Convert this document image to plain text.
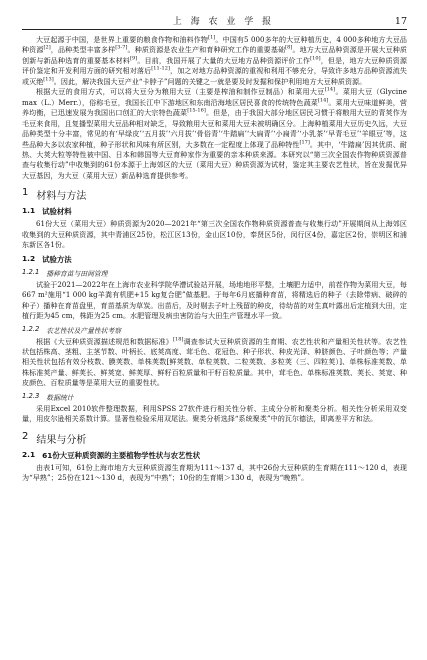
上 海 农 业 学 报	17

大豆起源于中国，是世界上重要的粮食作物和油料作物[1]。中国有5 000多年的大豆种植历史，4 000多种地方大豆品种资源[2]，品种类型丰富多样[3-7]。种质资源是农业生产和育种研究工作的重要基础[8]。地方大豆品种资源是开展大豆种质创新与新品种选育的重要基本材料[9]。目前，我国开展了大量的大豆地方品种资源评价工作[10]，但是，地方大豆种质资源评价鉴定和开发利用方面的研究相对落后[11-12]，加之对地方品种资源的重视和利用不够充分，导致许多地方品种资源流失或灭绝[13]。因此，解决我国大豆产业“卡脖子”问题的关键之一就是要及时发掘和保护利用地方大豆种质资源。

根据大豆的食用方式，可以将大豆分为粮用大豆（主要是榨油和制作豆制品）和菜用大豆[14]。菜用大豆（Glycine max（L.）Merr.），俗称毛豆，我国长江中下游地区和东南沿海地区居民喜食的传统特色蔬菜[14]。菜用大豆味道鲜美，营养均衡，已迅速发展为我国出口创汇的大宗特色蔬菜[15-16]。但是，由于我国大部分地区居民习惯于将粮用大豆的青荚作为毛豆来食用，且复播型菜用大豆品种相对缺乏，导致粮用大豆和菜用大豆未被明确区分。上海种植菜用大豆历史久远，大豆品种类型十分丰富，常见的有‘早绿皮’‘五月拔’‘六月拔’‘骨俗青’‘牛踏扁’‘大扁青’‘小扁青’‘小乳茶’‘早青毛豆’‘羊眼豆’等，这些品种大多以农家种植，种子形状和风味有所区别，大多数在一定程度上体现了品种特性[17]。其中，‘牛踏扁’因其优质、耐热、大荚大粒等特性被中国、日本和韩国等大豆育种家作为重要的亲本种质来源。本研究以“第三次全国农作物种质资源普查与收集行动”中收集到的61份本源于上海郊区的大豆（菜用大豆）种质资源为试材，鉴定其主要农艺性状，旨在发掘优异大豆基因，为大豆（菜用大豆）新品种选育提供参考。

1 材料与方法
1.1 试验材料

61份大豆（菜用大豆）种质资源为2020—2021年“第三次全国农作物种质资源普查与收集行动”开展期间从上海郊区收集到的大豆种质资源，其中青浦区25份，松江区13份，金山区10份，奉贤区5份，闵行区4份，嘉定区2份，崇明区和浦东新区各1份。

1.2 试验方法
1.2.1 播种育苗与田间管理

试验于2021—2022年在上海市农业科学院华漕试验站开展，场地地形平整，土壤肥力适中，前茬作物为菜用大豆，每667 m²施用“1 000 kg羊粪有机肥+15 kg复合肥”做基肥。于每年6月底播种育苗，将精选后的种子（去除带病、破碎的种子）播种在育苗盘里，育苗基质为草炭。出苗后，及时剔去子叶上残留的种皮，待幼苗的对生真叶露出后定植到大田，定植行距为45 cm，株距为25 cm。水肥管理及病虫害防治与大田生产管理水平一致。

1.2.2 农艺性状及产量性状考察

根据《大豆种质资源描述规范和数据标准》[18]调查参试大豆种质资源的生育期、农艺性状和产量相关性状等。农艺性状包括株高、茎粗、主茎节数、叶柄长、底荚高度、茸毛色、花冠色、种子形状、种皮光泽、种脐颜色、子叶颜色等；产量相关性状包括有效分枝数、膜荚数、单株荚数[鲜荚数、单粒荚数、二粒荚数、多粒荚（三、四粒荚）]、单株标准荚数、单株标准荚产量、鲜荚长、鲜荚宽、鲜荚厚、鲜籽百粒质量和干籽百粒质量。其中，茸毛色、单株标准荚数、荚长、荚宽、种皮颜色、百粒质量等是菜用大豆的重要性状。

1.2.3 数据统计

采用Excel 2010软件整理数据，利用SPSS 27软件进行相关性分析、主成分分析和聚类分析。相关性分析采用双变量，用皮尔逊相关系数计算。显著性检验采用双尾法。聚类分析选择“系统聚类”中的瓦尔德法，即离差平方和法。

2 结果与分析
2.1 61份大豆种质资源的主要植物学性状与农艺性状

由表1可知，61份上海市地方大豆种质资源生育期为111～137 d，其中26份大豆种质的生育期在111～120 d，表现为“早熟”；25份在121～130 d，表现为“中熟”；10份的生育期＞130 d，表现为“晚熟”。
